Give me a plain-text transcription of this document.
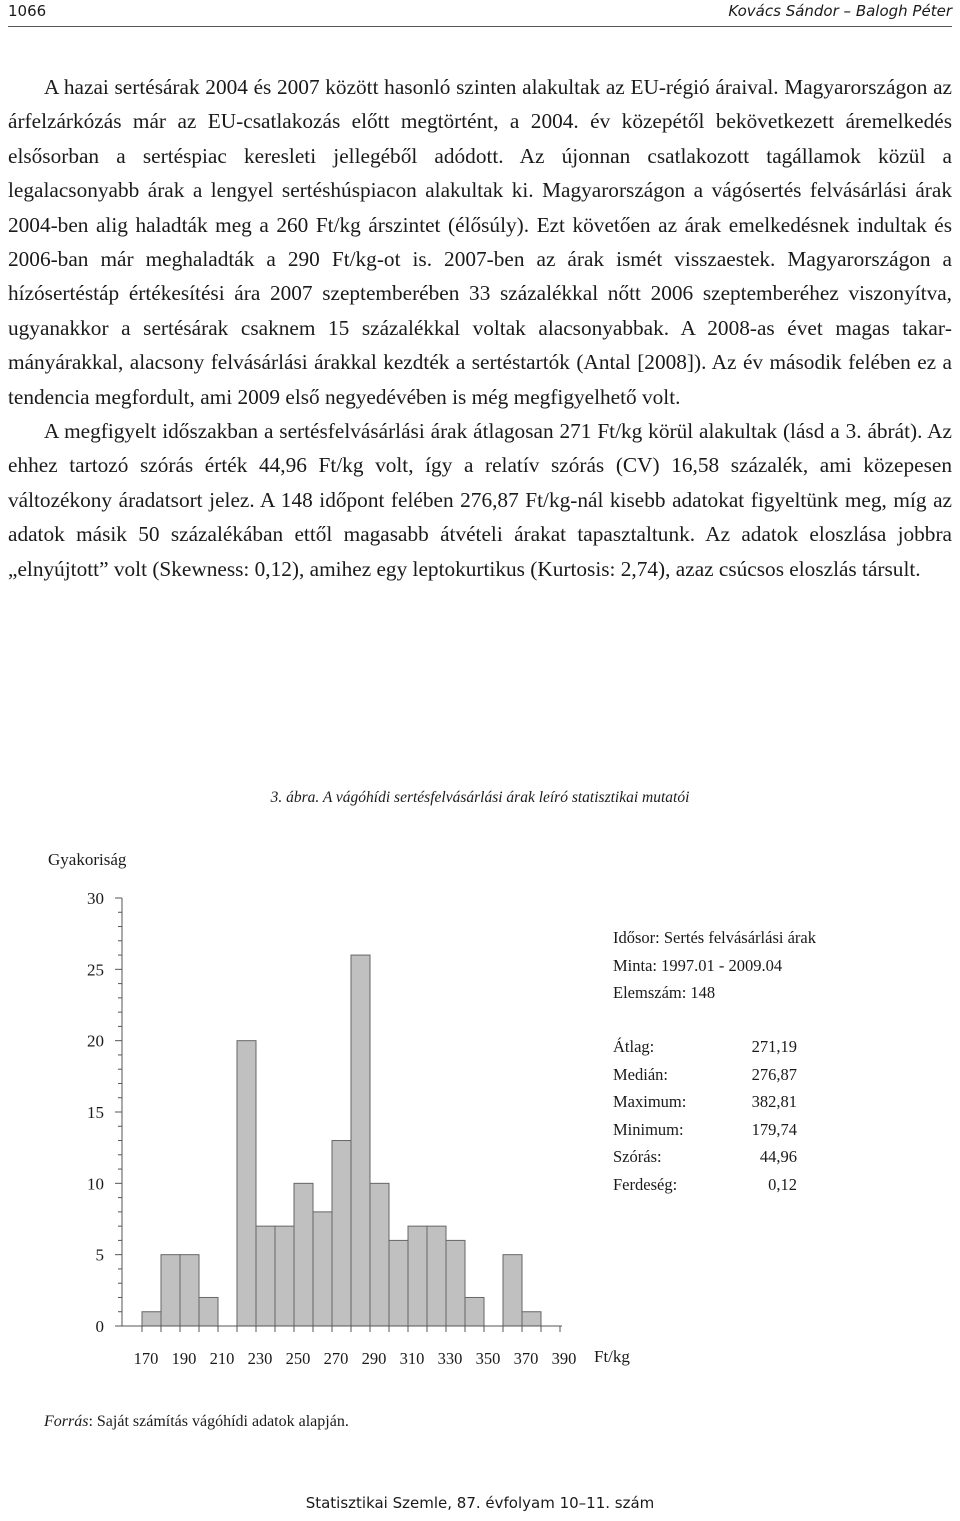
1066	Kovács Sándor – Balogh Péter

A hazai sertésárak 2004 és 2007 között hasonló szinten alakultak az EU-régió áraival. Magyarországon az árfelzárkózás már az EU-csatlakozás előtt megtörtént, a 2004. év közepétől bekövetkezett áremelkedés elsősorban a sertéspiac keresleti jellegéből adódott. Az újonnan csatlakozott tagállamok közül a legalacsonyabb árak a lengyel sertéshúspiacon alakultak ki. Magyarországon a vágósertés felvásárlási árak 2004-ben alig haladták meg a 260 Ft/kg árszintet (élősúly). Ezt követően az árak emelkedésnek indultak és 2006-ban már meghaladták a 290 Ft/kg-ot is. 2007-ben az árak ismét visszaestek. Magyarországon a hízósertéstáp értékesítési ára 2007 szeptemberében 33 százalékkal nőtt 2006 szeptemberéhez viszonyítva, ugyanakkor a sertésárak csaknem 15 százalékkal voltak alacsonyabbak. A 2008-as évet magas takarmányárakkal, alacsony felvásárlási árakkal kezdték a sertéstartók (Antal [2008]). Az év második felében ez a tendencia megfordult, ami 2009 első negyedévében is még megfigyelhető volt.

A megfigyelt időszakban a sertésfelvásárlási árak átlagosan 271 Ft/kg körül alakultak (lásd a 3. ábrát). Az ehhez tartozó szórás érték 44,96 Ft/kg volt, így a relatív szórás (CV) 16,58 százalék, ami közepesen változékony áradatsort jelez. A 148 időpont felében 276,87 Ft/kg-nál kisebb adatokat figyeltünk meg, míg az adatok másik 50 százalékában ettől magasabb átvételi árakat tapasztaltunk. Az adatok eloszlása jobbra „elnyújtott” volt (Skewness: 0,12), amihez egy leptokurtikus (Kurtosis: 2,74), azaz csúcsos eloszlás társult.

3. ábra. A vágóhídi sertésfelvásárlási árak leíró statisztikai mutatói
0
5
10
15
20
25
30
170 190 210 230 250 270 290 310 330 350 370 390
Gyakoriság
Ft/kg
Idősor: Sertés felvásárlási árak
Minta: 1997.01 - 2009.04
Elemszám: 148
Átlag:	271,19
Medián:	276,87
Maximum:	382,81
Minimum:	179,74
Szórás:	44,96
Ferdeség:	0,12
Forrás: Saját számítás vágóhídi adatok alapján.
Statisztikai Szemle, 87. évfolyam 10–11. szám
